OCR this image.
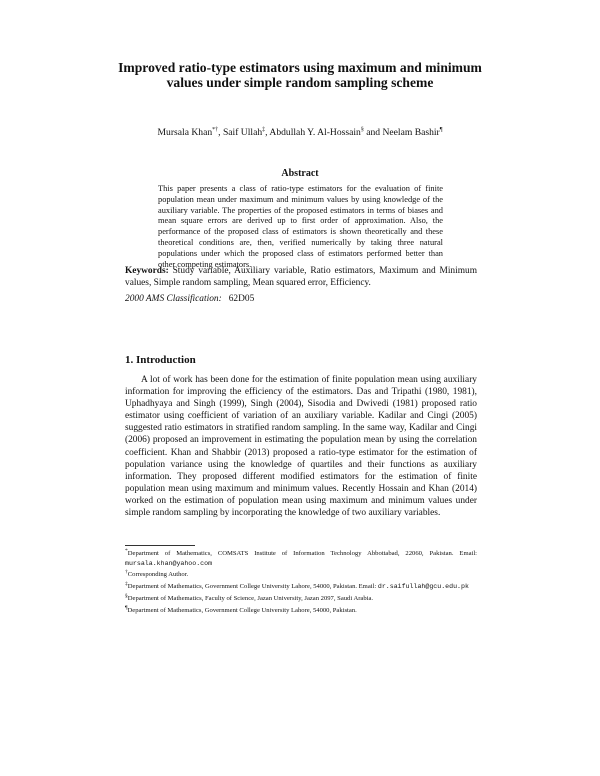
Improved ratio-type estimators using maximum and minimum values under simple random sampling scheme
Mursala Khan*†, Saif Ullah‡, Abdullah Y. Al-Hossain§ and Neelam Bashir¶
Abstract
This paper presents a class of ratio-type estimators for the evaluation of finite population mean under maximum and minimum values by using knowledge of the auxiliary variable. The properties of the proposed estimators in terms of biases and mean square errors are derived up to first order of approximation. Also, the performance of the proposed class of estimators is shown theoretically and these theoretical conditions are, then, verified numerically by taking three natural populations under which the proposed class of estimators performed better than other competing estimators.
Keywords: Study variable, Auxiliary variable, Ratio estimators, Maximum and Minimum values, Simple random sampling, Mean squared error, Efficiency.
2000 AMS Classification: 62D05
1. Introduction
A lot of work has been done for the estimation of finite population mean using auxiliary information for improving the efficiency of the estimators. Das and Tripathi (1980, 1981), Uphadhyaya and Singh (1999), Singh (2004), Sisodia and Dwivedi (1981) proposed ratio estimator using coefficient of variation of an auxiliary variable. Kadilar and Cingi (2005) suggested ratio estimators in stratified random sampling. In the same way, Kadilar and Cingi (2006) proposed an improvement in estimating the population mean by using the correlation coefficient. Khan and Shabbir (2013) proposed a ratio-type estimator for the estimation of population variance using the knowledge of quartiles and their functions as auxiliary information. They proposed different modified estimators for the estimation of finite population mean using maximum and minimum values. Recently Hossain and Khan (2014) worked on the estimation of population mean using maximum and minimum values under simple random sampling by incorporating the knowledge of two auxiliary variables.
*Department of Mathematics, COMSATS Institute of Information Technology Abbottabad, 22060, Pakistan. Email: mursala.khan@yahoo.com
†Corresponding Author.
‡Department of Mathematics, Government College University Lahore, 54000, Pakistan. Email: dr.saifullah@gcu.edu.pk
§Department of Mathematics, Faculty of Science, Jazan University, Jazan 2097, Saudi Arabia.
¶Department of Mathematics, Government College University Lahore, 54000, Pakistan.
